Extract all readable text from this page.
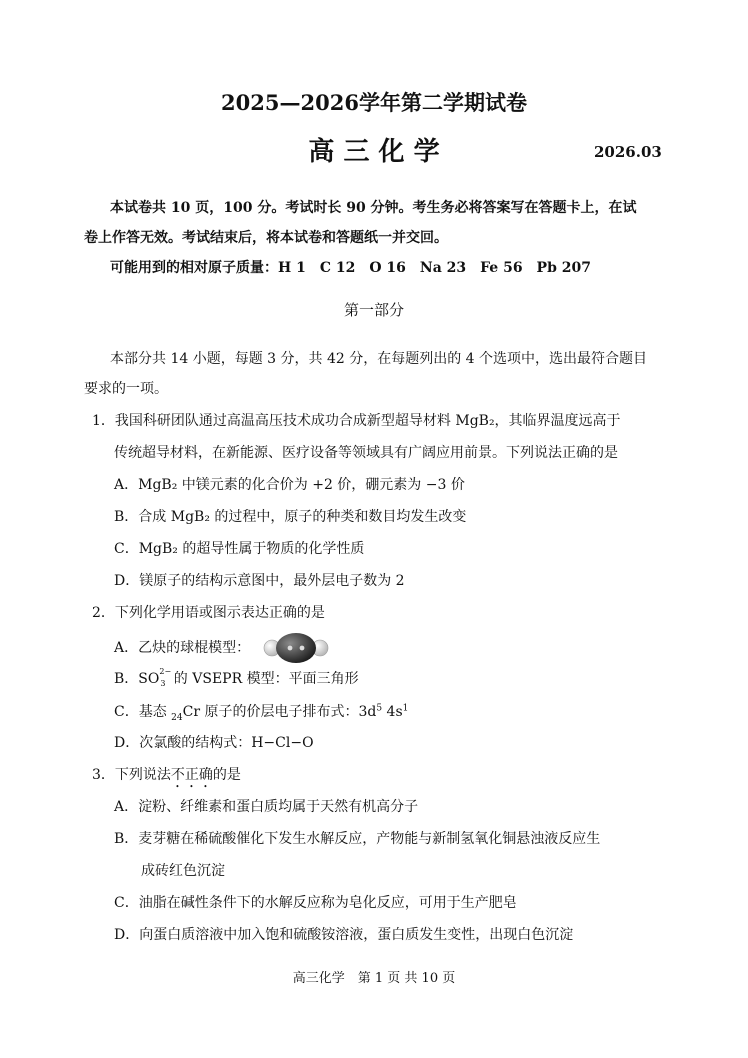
2025—2026学年第二学期试卷
高 三 化 学	2026.03
本试卷共 10 页，100 分。考试时长 90 分钟。考生务必将答案写在答题卡上，在试
卷上作答无效。考试结束后，将本试卷和答题纸一并交回。
可能用到的相对原子质量：H 1　C 12　O 16　Na 23　Fe 56　Pb 207
第一部分
本部分共 14 小题，每题 3 分，共 42 分，在每题列出的 4 个选项中，选出最符合题目
要求的一项。
1．我国科研团队通过高温高压技术成功合成新型超导材料 MgB₂，其临界温度远高于
传统超导材料，在新能源、医疗设备等领域具有广阔应用前景。下列说法正确的是
A．MgB₂ 中镁元素的化合价为 +2 价，硼元素为 −3 价
B．合成 MgB₂ 的过程中，原子的种类和数目均发生改变
C．MgB₂ 的超导性属于物质的化学性质
D．镁原子的结构示意图中，最外层电子数为 2
2．下列化学用语或图示表达正确的是
A．乙炔的球棍模型：
B．SO 2−
3 的 VSEPR 模型：平面三角形
C．基态 $_{24}$Cr 原子的价层电子排布式：$3d^5$ $4s^1$
D．次氯酸的结构式：H−Cl−O
3．下列说法不正确的是
A．淀粉、纤维素和蛋白质均属于天然有机高分子
B．麦芽糖在稀硫酸催化下发生水解反应，产物能与新制氢氧化铜悬浊液反应生
成砖红色沉淀
C．油脂在碱性条件下的水解反应称为皂化反应，可用于生产肥皂
D．向蛋白质溶液中加入饱和硫酸铵溶液，蛋白质发生变性，出现白色沉淀
高三化学　第 1 页 共 10 页
